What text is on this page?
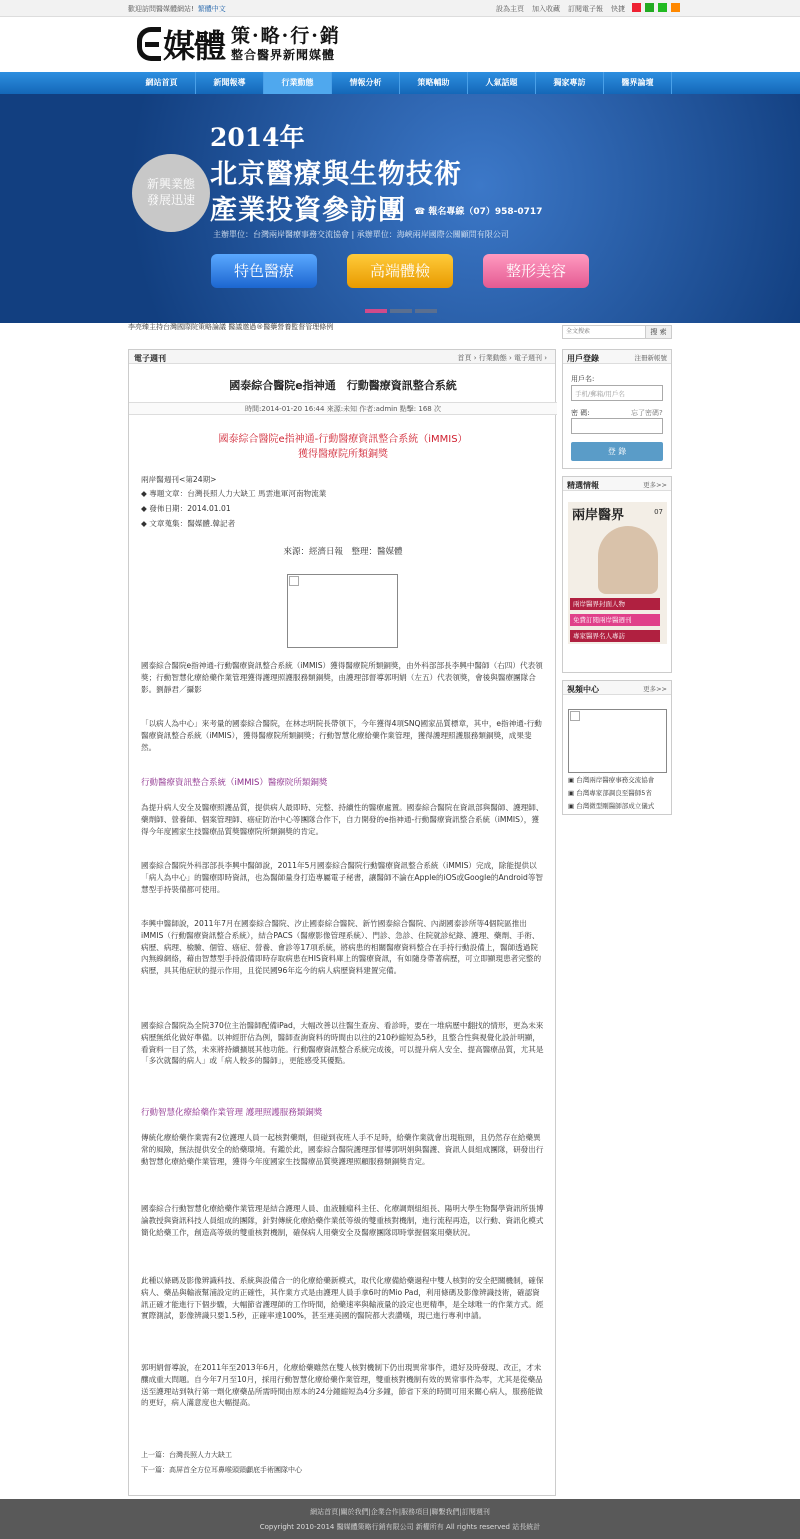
歡迎訪問醫媒體網站! 繁體中文	設為主頁 加入收藏 訂閱電子報 快捷
媒體 策·略·行·銷
整合醫界新聞媒體
網站首頁	新聞報導	行業動態	情報分析	策略輔助	人氣話題	獨家專訪	醫界論壇
2014年
北京醫療與生物技術
產業投資參訪團
新興業態
發展迅速
☎ 報名專線（07）958-0717
主辦單位：台灣兩岸醫療事務交流協會 | 承辦單位：海峽兩岸國際公關顧問有限公司
特色醫療	高端體檢	整形美容
李亮臻主持台灣國際院策略論議 醫議邀過®醫藥營養監督管理條例
全文搜索
搜 索
電子週刊	首頁 › 行業動態 › 電子週刊 ›
國泰綜合醫院e指神通　行動醫療資訊整合系統
時間:2014-01-20 16:44 來源:未知 作者:admin 點擊: 168 次
國泰綜合醫院e指神通-行動醫療資訊整合系統（iMMIS）
獲得醫療院所類銅獎
兩岸醫週刊<第24期>
◆ 專題文章：台灣長照人力大缺工 馬雲進軍河南物流業
◆ 發佈日期：2014.01.01
◆ 文章蒐集：醫媒體.韓記者
來源：經濟日報　整理：醫媒體
國泰綜合醫院e指神通-行動醫療資訊整合系統（iMMIS）獲得醫療院所類銅獎，由外科部部長李興中醫師（右四）代表領獎；行動智慧化療給藥作業管理獲得護理照護服務類銅獎，由護理部督導郭明娟（左五）代表領獎，會後與醫療團隊合影。劉靜君／攝影
「以病人為中心」來考量的國泰綜合醫院，在林志明院長帶領下，今年獲得4項SNQ國家品質標章，其中，e指神通-行動醫療資訊整合系統（iMMIS），獲得醫療院所類銅獎；行動智慧化療給藥作業管理，獲得護理照護服務類銅獎，成果斐然。
行動醫療資訊整合系統（iMMIS）醫療院所類銅獎
為提升病人安全及醫療照護品質，提供病人最即時、完整、持續性的醫療處置。國泰綜合醫院在資訊部與醫師、護理師、藥劑師、營養師、個案管理師、癌症防治中心等團隊合作下，自力開發的e指神通-行動醫療資訊整合系統（iMMIS），獲得今年度國家生技醫療品質獎醫療院所類銅獎的肯定。
國泰綜合醫院外科部部長李興中醫師說，2011年5月國泰綜合醫院行動醫療資訊整合系統（iMMIS）完成，除能提供以「病人為中心」的醫療即時資訊，也為醫師量身打造專屬電子秘書，讓醫師不論在Apple的iOS或Google的Android等智慧型手持裝備都可使用。
李興中醫師說，2011年7月在國泰綜合醫院、汐止國泰綜合醫院、新竹國泰綜合醫院、內湖國泰診所等4個院區推出iMMIS（行動醫療資訊整合系統），結合PACS（醫療影像管理系統）、門診、急診、住院就診紀錄、護理、藥劑、手術、病歷、病理、檢驗、個管、癌症、營養、會診等17項系統，將病患的相關醫療資料整合在手持行動設備上，醫師透過院內無線網絡，藉由智慧型手持設備即時存取病患在HIS資料庫上的醫療資訊，有如隨身帶著病歷，可立即顯現患者完整的病歷，具其他症狀的提示作用，且從民國96年迄今的病人病歷資料建置完備。
國泰綜合醫院為全院370位主治醫師配備iPad，大幅改善以往醫生查房、看診時，要在一堆病歷中翻找的情形，更為未來病歷無紙化做好準備。以神經肝佔為例，醫師查詢資料的時間由以往的210秒縮短為5秒，且整合性與視覺化設計明顯，看資料一目了然，未來將持續擴展其他功能。行動醫療資訊整合系統完成後，可以提升病人安全、提高醫療品質，尤其是「多次就醫的病人」或「病人較多的醫師」，更能感受其優點。
行動智慧化療給藥作業管理 護理照護服務類銅獎
傳統化療給藥作業需有2位護理人員一起核對藥劑，但碰到夜班人手不足時，給藥作業就會出現瓶頸，且仍然存在給藥異常的風險，無法提供安全的給藥環境。有鑑於此，國泰綜合醫院護理部督導郭明娟與醫護、資訊人員組成團隊，研發出行動智慧化療給藥作業管理，獲得今年度國家生技醫療品質獎護理照顧服務類銅獎肯定。
國泰綜合行動智慧化療給藥作業管理是結合護理人員、血液腫瘤科主任、化療調劑組組長、陽明大學生物醫學資訊所張博論教授與資訊科技人員組成的團隊，針對傳統化療給藥作業低等級的雙重核對機制，進行流程再造，以行動、資訊化模式簡化給藥工作，創造高等級的雙重核對機制，確保病人用藥安全及醫療團隊即時掌握個案用藥狀況。
此種以條碼及影像辨識科技、系統與設備合一的化療給藥新模式，取代化療備給藥過程中雙人核對的安全把關機制，確保病人、藥品與輸液幫浦設定的正確性，其作業方式是由護理人員手拿6吋的Mio Pad，利用條碼及影像辨識技術，確認資訊正確才能進行下個步驟，大幅節省護理師的工作時間，給藥速率與輸液量的設定也更精準，是全球唯一的作業方式。經實際測試，影像辨識只要1.5秒，正確率達100%，甚至連美國的醫院都大表讚嘆，現已進行專利申請。
郭明娟督導說，在2011年至2013年6月，化療給藥雖然在雙人核對機制下仍出現異常事件，還好及時發現、改正，才未釀成重大問題。自今年7月至10月，採用行動智慧化療給藥作業管理，雙重核對機制有效的異常事件為零，尤其是從藥品送至護理站到執行第一劑化療藥品所需時間由原本的24分鐘縮短為4分多鐘，節省下來的時間可用來關心病人，服務能做的更好，病人滿意度也大幅提高。
上一篇：台灣長照人力大缺工
下一篇：高屏首全方位耳鼻喉頭頸顱底手術團隊中心
用戶登錄	注冊新帳號
用戶名:
手机/郵箱/用戶名
密 碼:	忘了密碼?
登 錄
精選情報	更多>>
兩岸醫界	07
兩岸醫界封面人物
免費訂閱兩岸醫週刊
專家醫界名人專訪
視頻中心	更多>>
▣ 台灣兩岸醫療事務交流協會
▣ 台灣專家部調良至醫師5省
▣ 台灣微型剛醫師部成立儀式
網站首頁|關於我們|企業合作|服務項目|聯繫我們|訂閱週刊
Copyright 2010-2014 醫媒體策略行銷有限公司 新權所有 All rights reserved 站長統計
